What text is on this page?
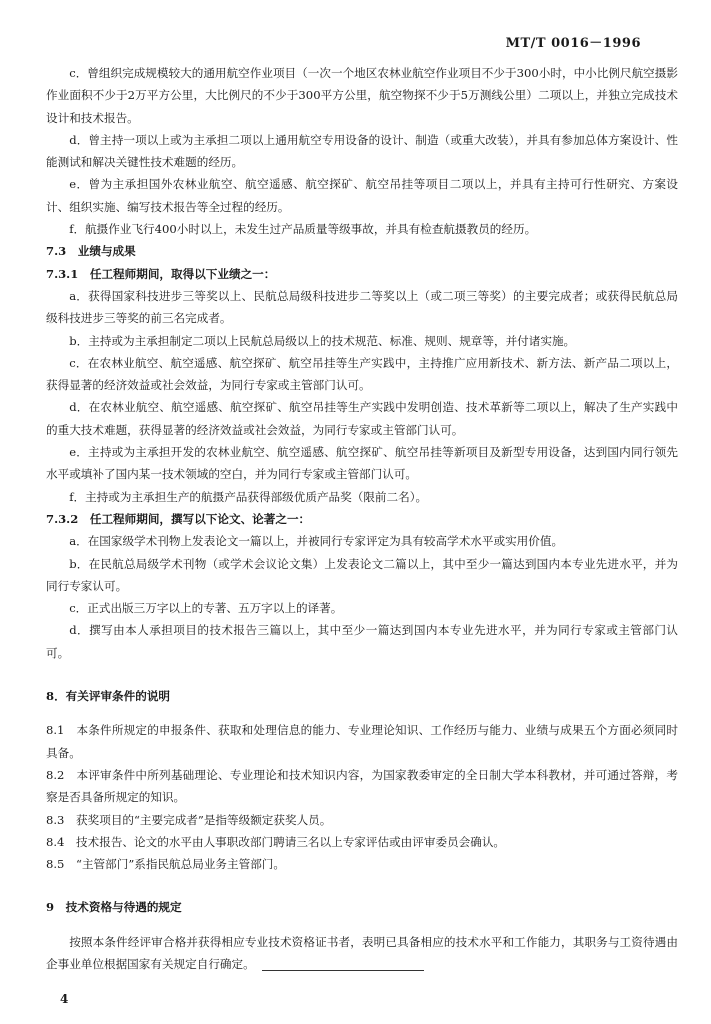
MT/T 0016－1996

c．曾组织完成规模较大的通用航空作业项目（一次一个地区农林业航空作业项目不少于300小时，中小比例尺航空摄影作业面积不少于2万平方公里，大比例尺的不少于300平方公里，航空物探不少于5万测线公里）二项以上，并独立完成技术设计和技术报告。

d．曾主持一项以上或为主承担二项以上通用航空专用设备的设计、制造（或重大改装），并具有参加总体方案设计、性能测试和解决关键性技术难题的经历。

e．曾为主承担国外农林业航空、航空遥感、航空探矿、航空吊挂等项目二项以上，并具有主持可行性研究、方案设计、组织实施、编写技术报告等全过程的经历。

f．航摄作业飞行400小时以上，未发生过产品质量等级事故，并具有检查航摄教员的经历。

7.3　业绩与成果

7.3.1　任工程师期间，取得以下业绩之一：

a．获得国家科技进步三等奖以上、民航总局级科技进步二等奖以上（或二项三等奖）的主要完成者；或获得民航总局级科技进步三等奖的前三名完成者。

b．主持或为主承担制定二项以上民航总局级以上的技术规范、标准、规则、规章等，并付诸实施。

c．在农林业航空、航空遥感、航空探矿、航空吊挂等生产实践中，主持推广应用新技术、新方法、新产品二项以上，获得显著的经济效益或社会效益，为同行专家或主管部门认可。

d．在农林业航空、航空遥感、航空探矿、航空吊挂等生产实践中发明创造、技术革新等二项以上，解决了生产实践中的重大技术难题，获得显著的经济效益或社会效益，为同行专家或主管部门认可。

e．主持或为主承担开发的农林业航空、航空遥感、航空探矿、航空吊挂等新项目及新型专用设备，达到国内同行领先水平或填补了国内某一技术领域的空白，并为同行专家或主管部门认可。

f．主持或为主承担生产的航摄产品获得部级优质产品奖（限前二名）。

7.3.2　任工程师期间，撰写以下论文、论著之一：

a．在国家级学术刊物上发表论文一篇以上，并被同行专家评定为具有较高学术水平或实用价值。

b．在民航总局级学术刊物（或学术会议论文集）上发表论文二篇以上，其中至少一篇达到国内本专业先进水平，并为同行专家认可。

c．正式出版三万字以上的专著、五万字以上的译著。

d．撰写由本人承担项目的技术报告三篇以上，其中至少一篇达到国内本专业先进水平，并为同行专家或主管部门认可。

8．有关评审条件的说明

8.1　本条件所规定的申报条件、获取和处理信息的能力、专业理论知识、工作经历与能力、业绩与成果五个方面必须同时具备。

8.2　本评审条件中所列基础理论、专业理论和技术知识内容，为国家教委审定的全日制大学本科教材，并可通过答辩，考察是否具备所规定的知识。

8.3　获奖项目的“主要完成者”是指等级额定获奖人员。

8.4　技术报告、论文的水平由人事职改部门聘请三名以上专家评估或由评审委员会确认。

8.5　“主管部门”系指民航总局业务主管部门。

9　技术资格与待遇的规定

按照本条件经评审合格并获得相应专业技术资格证书者，表明已具备相应的技术水平和工作能力，其职务与工资待遇由企事业单位根据国家有关规定自行确定。

4
